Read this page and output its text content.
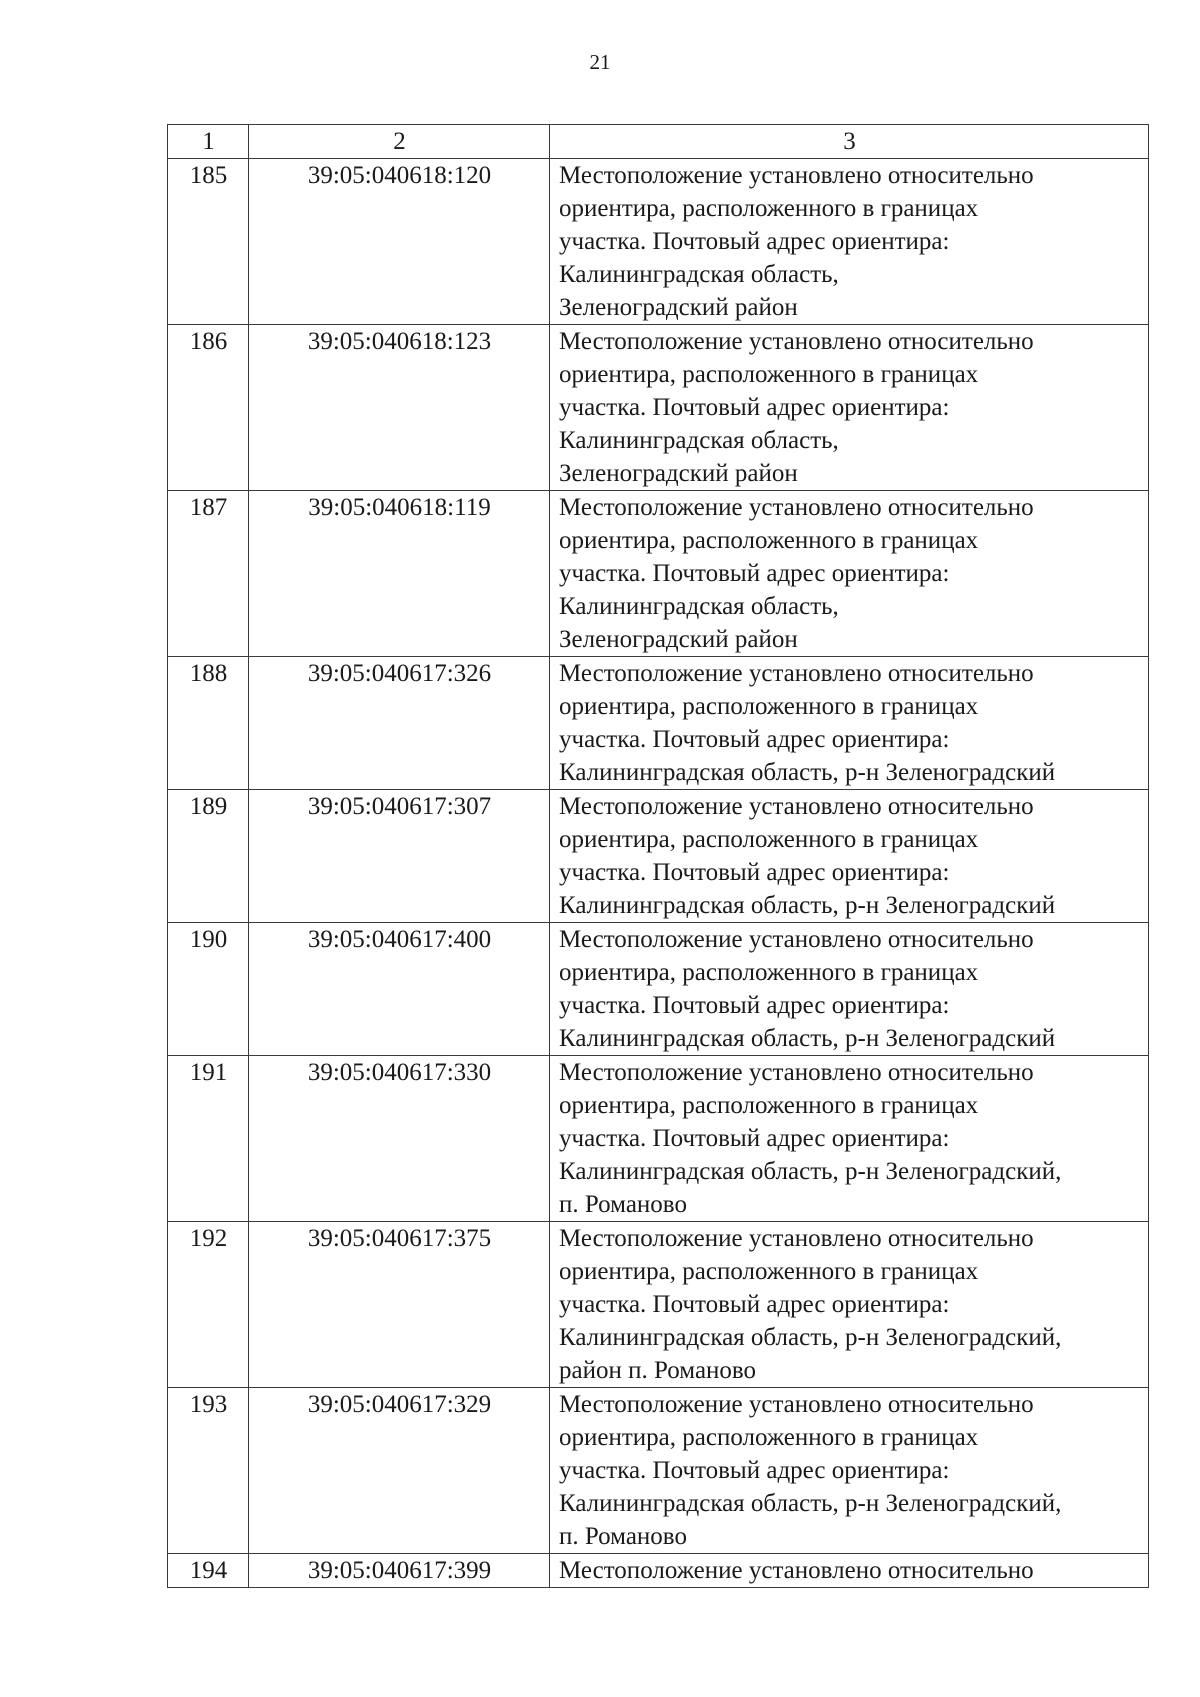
21
1	2	3
185	39:05:040618:120	Местоположение установлено относительно
ориентира, расположенного в границах
участка. Почтовый адрес ориентира:
Калининградская область,
Зеленоградский район

186	39:05:040618:123	Местоположение установлено относительно
ориентира, расположенного в границах
участка. Почтовый адрес ориентира:
Калининградская область,
Зеленоградский район

187	39:05:040618:119	Местоположение установлено относительно
ориентира, расположенного в границах
участка. Почтовый адрес ориентира:
Калининградская область,
Зеленоградский район

188	39:05:040617:326	Местоположение установлено относительно
ориентира, расположенного в границах
участка. Почтовый адрес ориентира:
Калининградская область, р-н Зеленоградский

189	39:05:040617:307	Местоположение установлено относительно
ориентира, расположенного в границах
участка. Почтовый адрес ориентира:
Калининградская область, р-н Зеленоградский

190	39:05:040617:400	Местоположение установлено относительно
ориентира, расположенного в границах
участка. Почтовый адрес ориентира:
Калининградская область, р-н Зеленоградский

191	39:05:040617:330	Местоположение установлено относительно
ориентира, расположенного в границах
участка. Почтовый адрес ориентира:
Калининградская область, р-н Зеленоградский,
п. Романово

192	39:05:040617:375	Местоположение установлено относительно
ориентира, расположенного в границах
участка. Почтовый адрес ориентира:
Калининградская область, р-н Зеленоградский,
район п. Романово

193	39:05:040617:329	Местоположение установлено относительно
ориентира, расположенного в границах
участка. Почтовый адрес ориентира:
Калининградская область, р-н Зеленоградский,
п. Романово

194	39:05:040617:399	Местоположение установлено относительно
